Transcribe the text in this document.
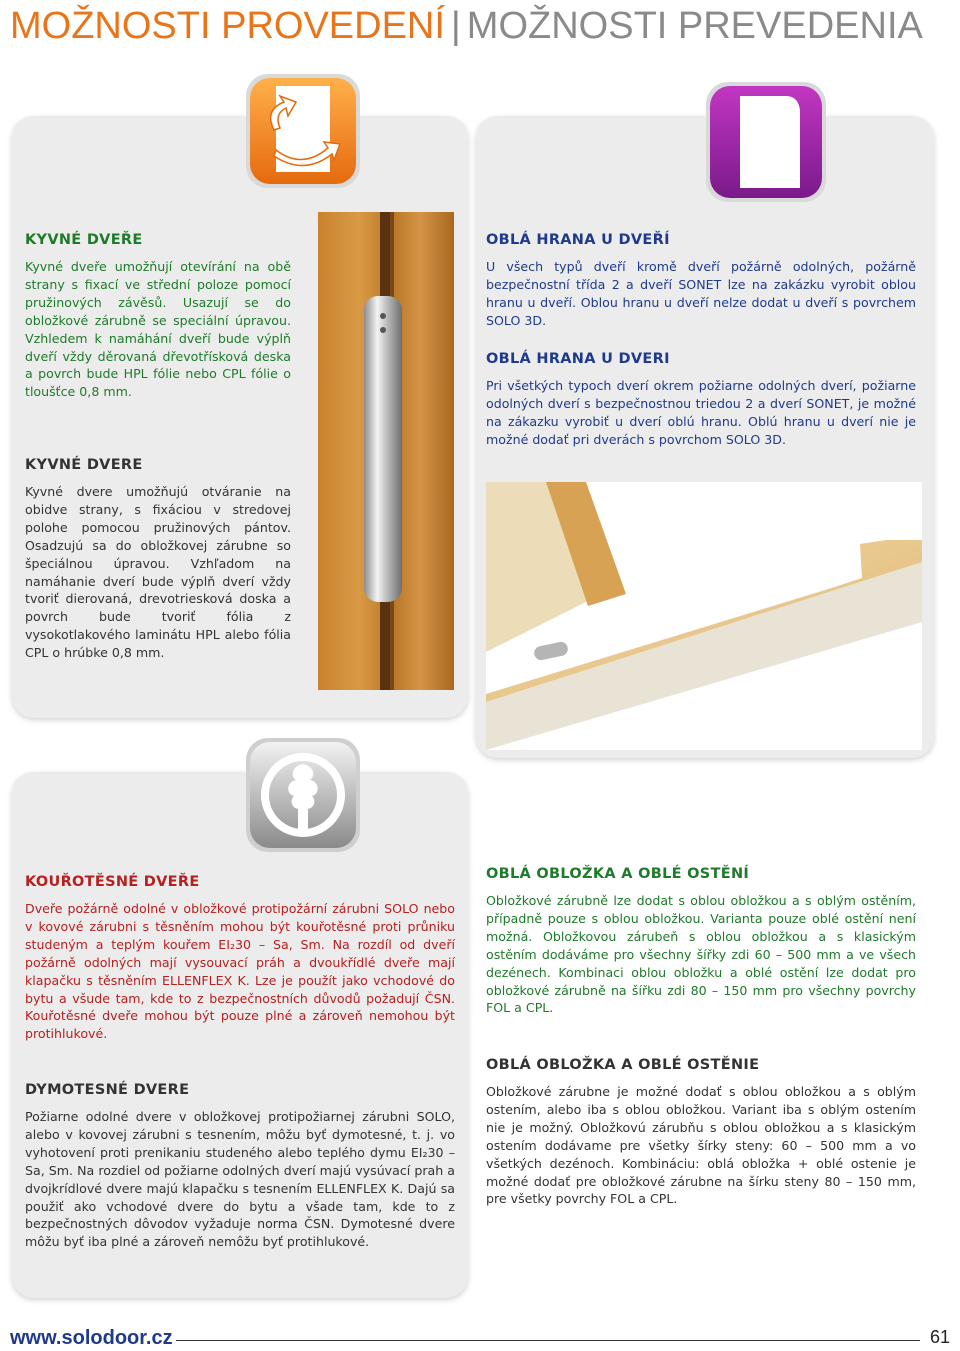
MOŽNOSTI PROVEDENÍ | MOŽNOSTI PREVEDENIA
KYVNÉ DVEŘE

Kyvné dveře umožňují otevírání na obě strany s fixací ve střední poloze pomocí pružinových závěsů. Usazují se do obložkové zárubně se speciální úpravou. Vzhledem k namáhání dveří bude výplň dveří vždy děrovaná dřevotřísková deska a povrch bude HPL fólie nebo CPL fólie o tloušťce 0,8 mm.

KYVNÉ DVERE

Kyvné dvere umožňujú otváranie na obidve strany, s fixáciou v stredovej polohe pomocou pružinových pántov. Osadzujú sa do obložkovej zárubne so špeciálnou úpravou. Vzhľadom na namáhanie dverí bude výplň dverí vždy tvoriť dierovaná, drevotriesková doska a povrch bude tvoriť fólia z vysokotlakového laminátu HPL alebo fólia CPL o hrúbke 0,8 mm.

OBLÁ HRANA U DVEŘÍ

U všech typů dveří kromě dveří požárně odolných, požárně bezpečnostní třída 2 a dveří SONET lze na zakázku vyrobit oblou hranu u dveří. Oblou hranu u dveří nelze dodat u dveří s povrchem SOLO 3D.

OBLÁ HRANA U DVERI

Pri všetkých typoch dverí okrem požiarne odolných dverí, požiarne odolných dverí s bezpečnostnou triedou 2 a dverí SONET, je možné na zákazku vyrobiť u dverí oblú hranu. Oblú hranu u dverí nie je možné dodať pri dverách s povrchom SOLO 3D.

KOUŘOTĚSNÉ DVEŘE

Dveře požárně odolné v obložkové protipožární zárubni SOLO nebo v kovové zárubni s těsněním mohou být kouřotěsné proti průniku studeným a teplým kouřem EI₂30 – Sa, Sm. Na rozdíl od dveří požárně odolných mají vysouvací práh a dvoukřídlé dveře mají klapačku s těsněním ELLENFLEX K. Lze je použít jako vchodové do bytu a všude tam, kde to z bezpečnostních důvodů požadují ČSN. Kouřotěsné dveře mohou být pouze plné a zároveň nemohou být protihlukové.

DYMOTESNÉ DVERE

Požiarne odolné dvere v obložkovej protipožiarnej zárubni SOLO, alebo v kovovej zárubni s tesnením, môžu byť dymotesné, t. j. vo vyhotovení proti prenikaniu studeného alebo teplého dymu EI₂30 – Sa, Sm. Na rozdiel od požiarne odolných dverí majú vysúvací prah a dvojkrídlové dvere majú klapačku s tesnením ELLENFLEX K. Dajú sa použiť ako vchodové dvere do bytu a všade tam, kde to z bezpečnostných dôvodov vyžaduje norma ČSN. Dymotesné dvere môžu byť iba plné a zároveň nemôžu byť protihlukové.

OBLÁ OBLOŽKA A OBLÉ OSTĚNÍ

Obložkové zárubně lze dodat s oblou obložkou a s oblým ostěním, případně pouze s oblou obložkou. Varianta pouze oblé ostění není možná. Obložkovou zárubeň s oblou obložkou a s klasickým ostěním dodáváme pro všechny šířky zdi 60 – 500 mm a ve všech dezénech. Kombinaci oblou obložku a oblé ostění lze dodat pro obložkové zárubně na šířku zdi 80 – 150 mm pro všechny povrchy FOL a CPL.

OBLÁ OBLOŽKA A OBLÉ OSTĚNIE

Obložkové zárubne je možné dodať s oblou obložkou a s oblým ostením, alebo iba s oblou obložkou. Variant iba s oblým ostením nie je možný. Obložkovú zárubňu s oblou obložkou a s klasickým ostením dodávame pre všetky šírky steny: 60 – 500 mm a vo všetkých dezénoch. Kombináciu: oblá obložka + oblé ostenie je možné dodať pre obložkové zárubne na šírku steny 80 – 150 mm, pre všetky povrchy FOL a CPL.

www.solodoor.cz	61
